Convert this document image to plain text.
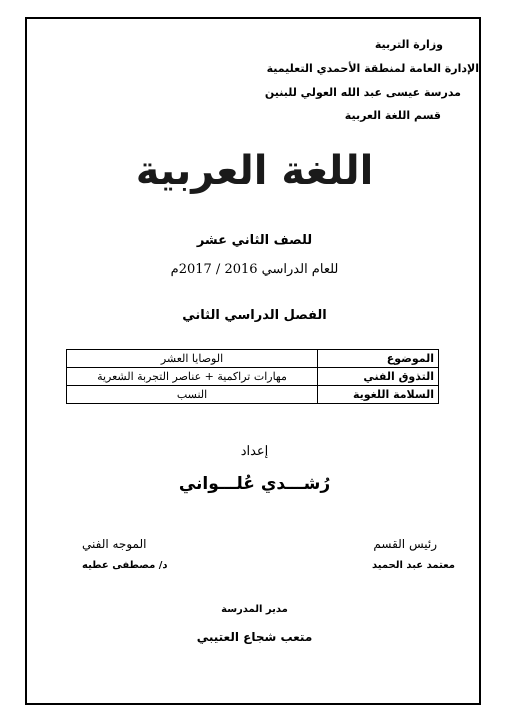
وزارة التربية
الإدارة العامة لمنطقة الأحمدي التعليمية
مدرسة عيسى عبد الله العولي للبنين
قسم اللغة العربية
اللغة العربية
للصف الثاني عشر
للعام الدراسي 2016 / 2017م
الفصل الدراسي الثاني
الموضوع	الوصايا العشر
التذوق الفني	مهارات تراكمية + عناصر التجربة الشعرية
السلامة اللغوية	النسب
إعداد
رُشـــدي عُلـــواني
رئيس القسم
معتمد عبد الحميد
الموجه الفني
د/ مصطفى عطيه
مدير المدرسة
متعب شجاع العتيبي
